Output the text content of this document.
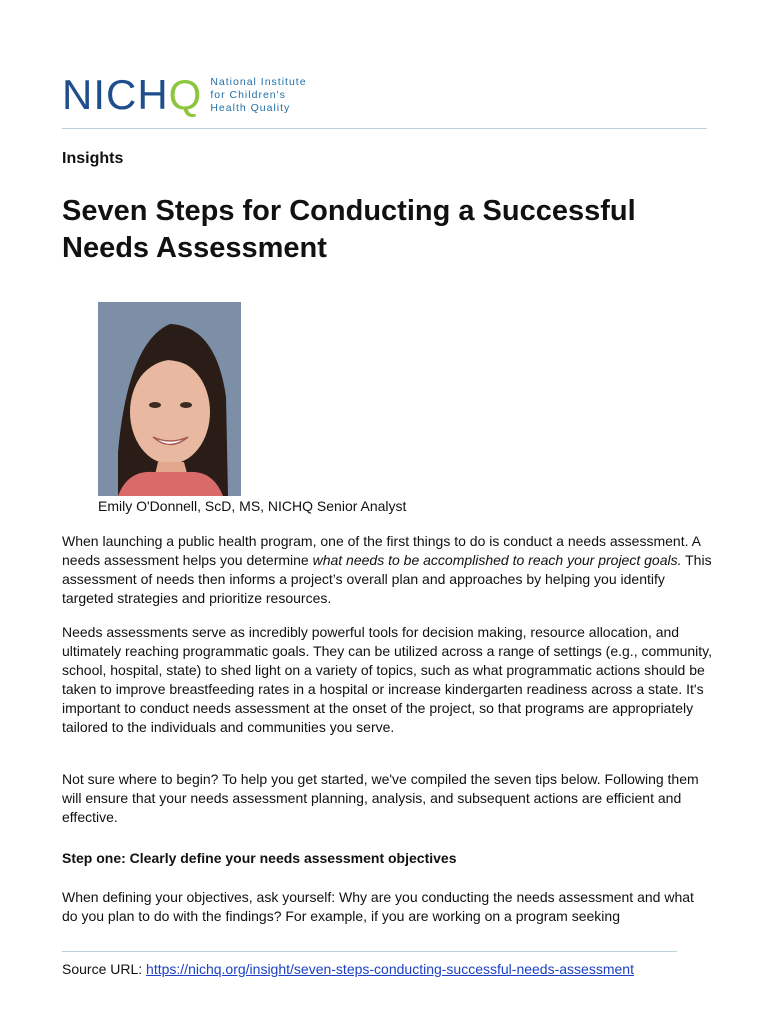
NICHQ National Institute
for Children's
Health Quality
Insights
Seven Steps for Conducting a Successful Needs Assessment
Emily O'Donnell, ScD, MS, NICHQ Senior Analyst

When launching a public health program, one of the first things to do is conduct a needs assessment. A needs assessment helps you determine what needs to be accomplished to reach your project goals. This assessment of needs then informs a project’s overall plan and approaches by helping you identify targeted strategies and prioritize resources.

Needs assessments serve as incredibly powerful tools for decision making, resource allocation, and ultimately reaching programmatic goals. They can be utilized across a range of settings (e.g., community, school, hospital, state) to shed light on a variety of topics, such as what programmatic actions should be taken to improve breastfeeding rates in a hospital or increase kindergarten readiness across a state. It's important to conduct needs assessment at the onset of the project, so that programs are appropriately tailored to the individuals and communities you serve.

Not sure where to begin? To help you get started, we've compiled the seven tips below. Following them will ensure that your needs assessment planning, analysis, and subsequent actions are efficient and effective.

Step one: Clearly define your needs assessment objectives

When defining your objectives, ask yourself: Why are you conducting the needs assessment and what do you plan to do with the findings? For example, if you are working on a program seeking

Source URL: https://nichq.org/insight/seven-steps-conducting-successful-needs-assessment
